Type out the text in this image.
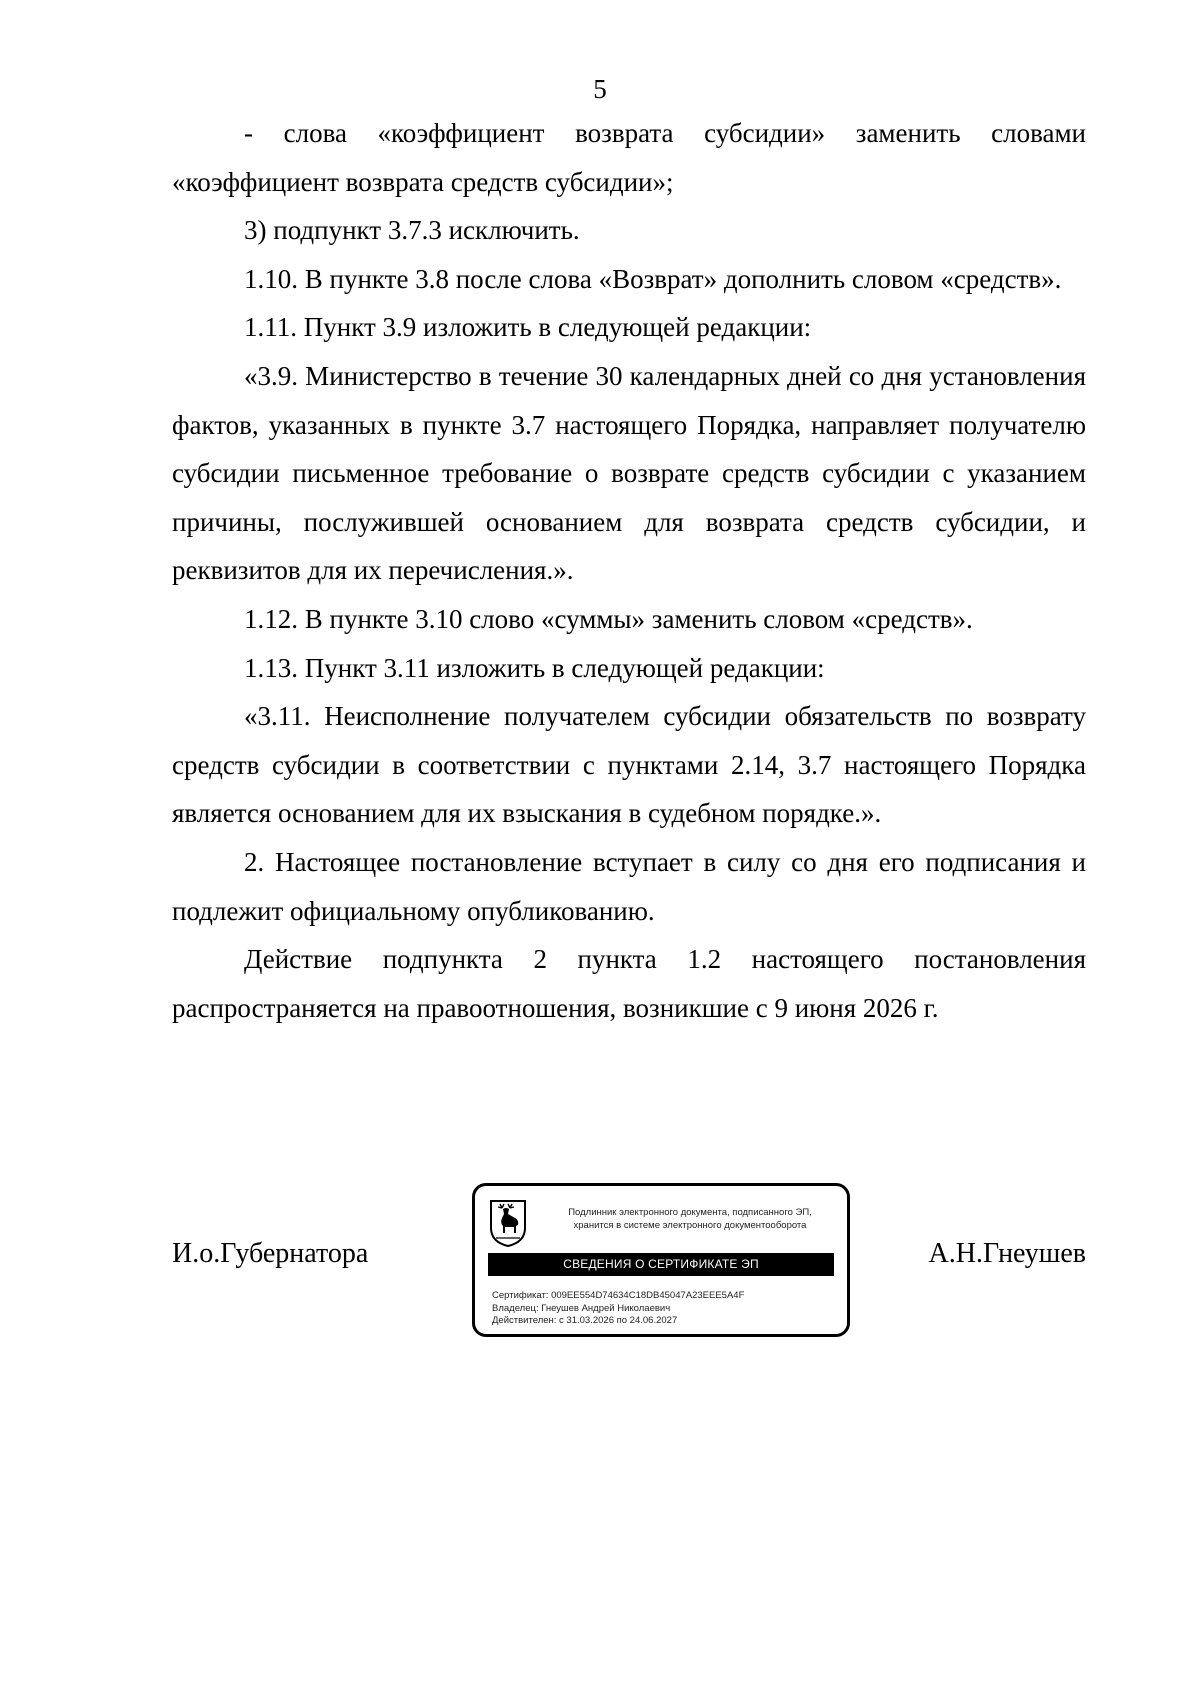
5

- слова «коэффициент возврата субсидии» заменить словами «коэффициент возврата средств субсидии»;

3) подпункт 3.7.3 исключить.

1.10. В пункте 3.8 после слова «Возврат» дополнить словом «средств».

1.11. Пункт 3.9 изложить в следующей редакции:

«3.9. Министерство в течение 30 календарных дней со дня установления фактов, указанных в пункте 3.7 настоящего Порядка, направляет получателю субсидии письменное требование о возврате средств субсидии с указанием причины, послужившей основанием для возврата средств субсидии, и реквизитов для их перечисления.».

1.12. В пункте 3.10 слово «суммы» заменить словом «средств».

1.13. Пункт 3.11 изложить в следующей редакции:

«3.11. Неисполнение получателем субсидии обязательств по возврату средств субсидии в соответствии с пунктами 2.14, 3.7 настоящего Порядка является основанием для их взыскания в судебном порядке.».

2. Настоящее постановление вступает в силу со дня его подписания и подлежит официальному опубликованию.

Действие подпункта 2 пункта 1.2 настоящего постановления распространяется на правоотношения, возникшие с 9 июня 2026 г.

И.о.Губернатора	А.Н.Гнеушев
Подлинник электронного документа, подписанного ЭП,
хранится в системе электронного документооборота
СВЕДЕНИЯ О СЕРТИФИКАТЕ ЭП
Сертификат: 009EE554D74634C18DB45047A23EEE5A4F
Владелец: Гнеушев Андрей Николаевич
Действителен: с 31.03.2026 по 24.06.2027
